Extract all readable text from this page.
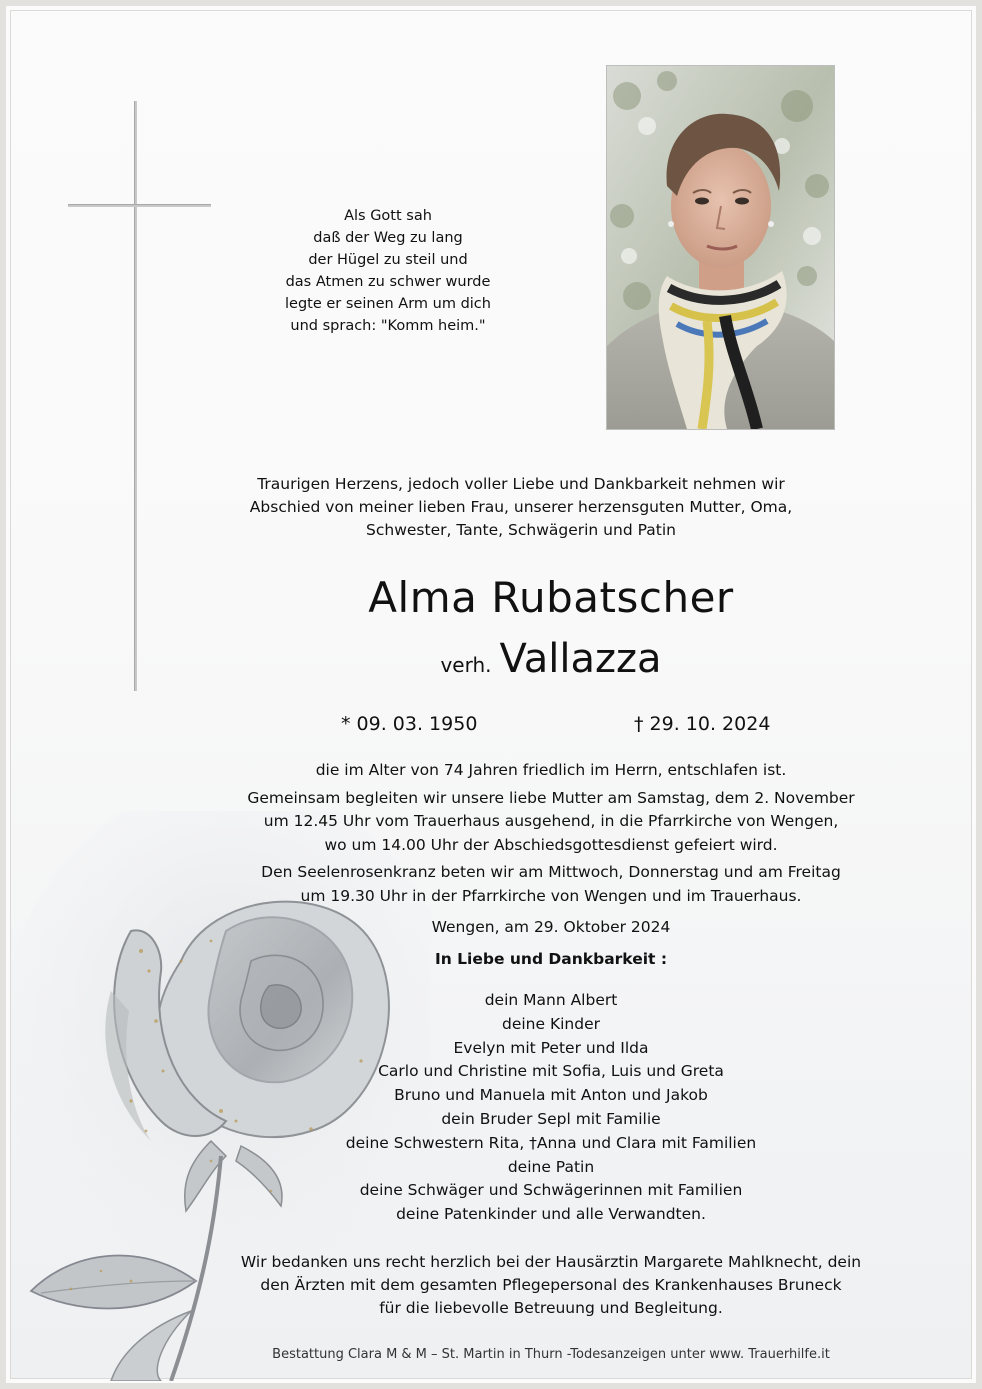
Als Gott sah
daß der Weg zu lang
der Hügel zu steil und
das Atmen zu schwer wurde
legte er seinen Arm um dich
und sprach: "Komm heim."
Traurigen Herzens, jedoch voller Liebe und Dankbarkeit nehmen wir
Abschied von meiner lieben Frau, unserer herzensguten Mutter, Oma,
Schwester, Tante, Schwägerin und Patin
Alma Rubatscher
verh. Vallazza
* 09. 03. 1950	† 29. 10. 2024
die im Alter von 74 Jahren friedlich im Herrn, entschlafen ist.
Gemeinsam begleiten wir unsere liebe Mutter am Samstag, dem 2. November
um 12.45 Uhr vom Trauerhaus ausgehend, in die Pfarrkirche von Wengen,
wo um 14.00 Uhr der Abschiedsgottesdienst gefeiert wird.
Den Seelenrosenkranz beten wir am Mittwoch, Donnerstag und am Freitag
um 19.30 Uhr in der Pfarrkirche von Wengen und im Trauerhaus.
Wengen, am 29. Oktober 2024
In Liebe und Dankbarkeit :
dein Mann Albert
deine Kinder
Evelyn mit Peter und Ilda
Carlo und Christine mit Sofia, Luis und Greta
Bruno und Manuela mit Anton und Jakob
dein Bruder Sepl mit Familie
deine Schwestern Rita, †Anna und Clara mit Familien
deine Patin
deine Schwäger und Schwägerinnen mit Familien
deine Patenkinder und alle Verwandten.
Wir bedanken uns recht herzlich bei der Hausärztin Margarete Mahlknecht, dein
den Ärzten mit dem gesamten Pflegepersonal des Krankenhauses Bruneck
für die liebevolle Betreuung und Begleitung.
Bestattung Clara M & M – St. Martin in Thurn -Todesanzeigen unter www. Trauerhilfe.it
